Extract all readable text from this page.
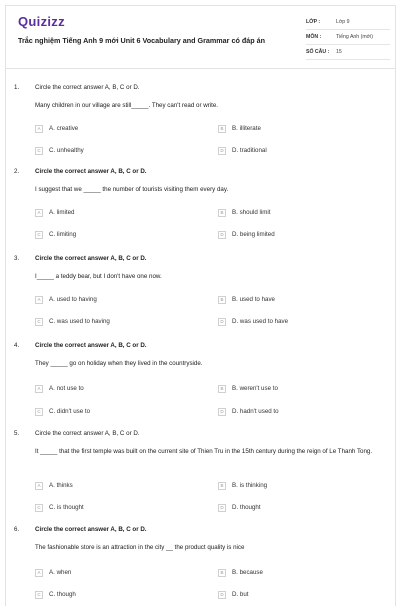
Quizizz
Trắc nghiệm Tiếng Anh 9 mới Unit 6 Vocabulary and Grammar có đáp án
LỚP :	Lớp 9
MÔN :	Tiếng Anh (mới)
SỐ CÂU :	15
1.	Circle the correct answer A, B, C or D.
Many children in our village are still_____. They can't read or write.
A	A. creative	B	B. illiterate
C	C. unhealthy	D	D. traditional
2.	Circle the correct answer A, B, C or D.
I suggest that we _____ the number of tourists visiting them every day.
A	A. limited	B	B. should limit
C	C. limiting	D	D. being limited
3.	Circle the correct answer A, B, C or D.
I_____ a teddy bear, but I don't have one now.
A	A. used to having	B	B. used to have
C	C. was used to having	D	D. was used to have
4.	Circle the correct answer A, B, C or D.
They _____ go on holiday when they lived in the countryside.
A	A. not use to	B	B. weren't use to
C	C. didn't use to	D	D. hadn't used to
5.	Circle the correct answer A, B, C or D.
It _____ that the first temple was built on the current site of Thien Tru in the 15th century during the reign of Le Thanh Tong.
A	A. thinks	B	B. is thinking
C	C. is thought	D	D. thought
6.	Circle the correct answer A, B, C or D.
The fashionable store is an attraction in the city __ the product quality is nice
A	A. when	B	B. because
C	C. though	D	D. but
